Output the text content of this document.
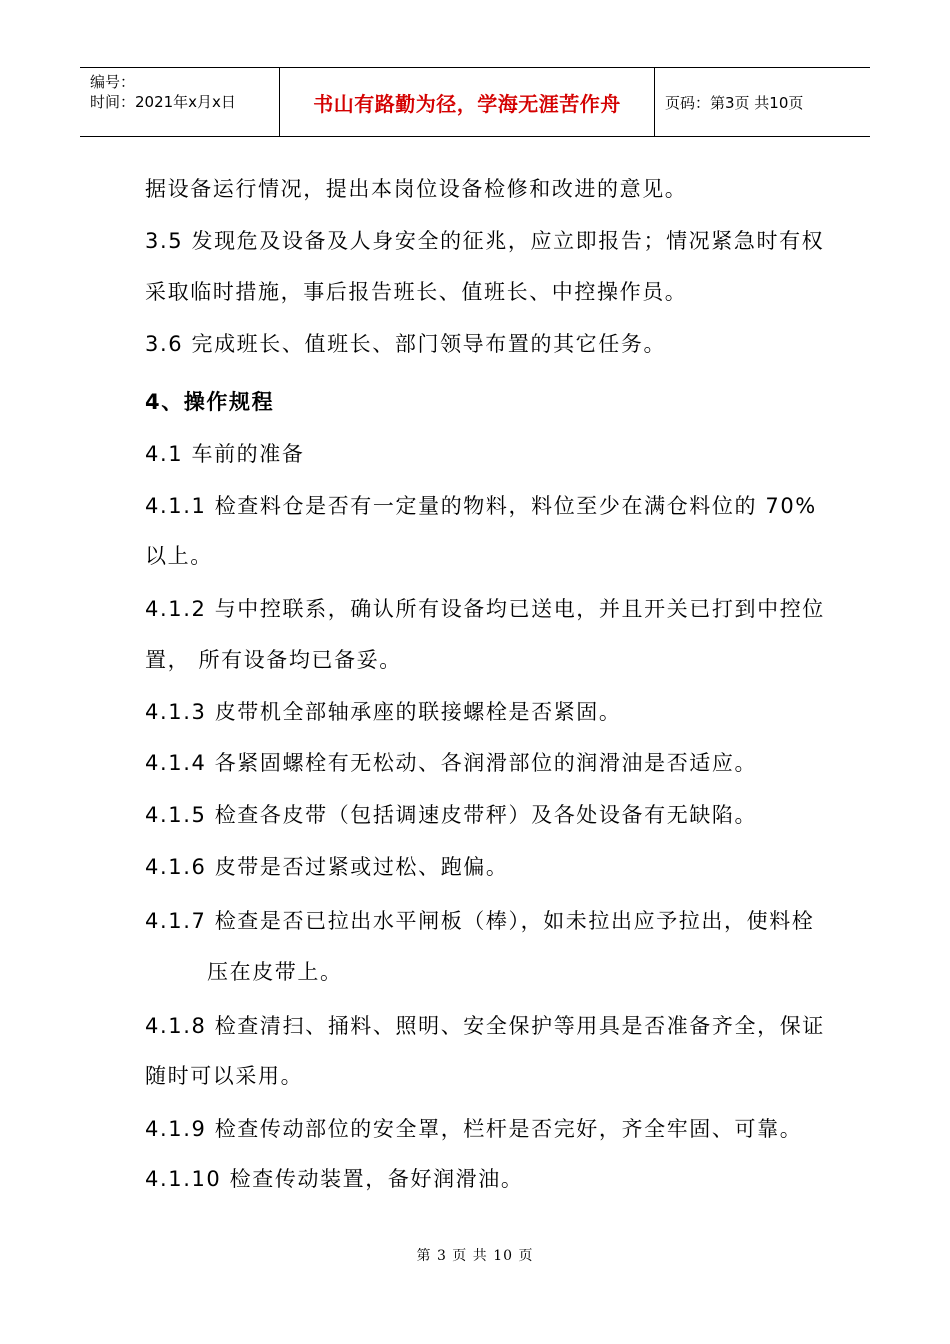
编号：
时间：2021年x月x日	书山有路勤为径，学海无涯苦作舟	页码：第3页 共10页
据设备运行情况，提出本岗位设备检修和改进的意见。
3.5 发现危及设备及人身安全的征兆，应立即报告；情况紧急时有权
采取临时措施，事后报告班长、值班长、中控操作员。
3.6 完成班长、值班长、部门领导布置的其它任务。
4、操作规程
4.1 车前的准备
4.1.1 检查料仓是否有一定量的物料，料位至少在满仓料位的 70%
以上。
4.1.2 与中控联系，确认所有设备均已送电，并且开关已打到中控位
置， 所有设备均已备妥。
4.1.3 皮带机全部轴承座的联接螺栓是否紧固。
4.1.4 各紧固螺栓有无松动、各润滑部位的润滑油是否适应。
4.1.5 检查各皮带（包括调速皮带秤）及各处设备有无缺陷。
4.1.6 皮带是否过紧或过松、跑偏。
4.1.7 检查是否已拉出水平闸板（棒），如未拉出应予拉出，使料栓
压在皮带上。
4.1.8 检查清扫、捅料、照明、安全保护等用具是否准备齐全，保证
随时可以采用。
4.1.9 检查传动部位的安全罩，栏杆是否完好，齐全牢固、可靠。
4.1.10 检查传动装置，备好润滑油。
第 3 页 共 10 页
